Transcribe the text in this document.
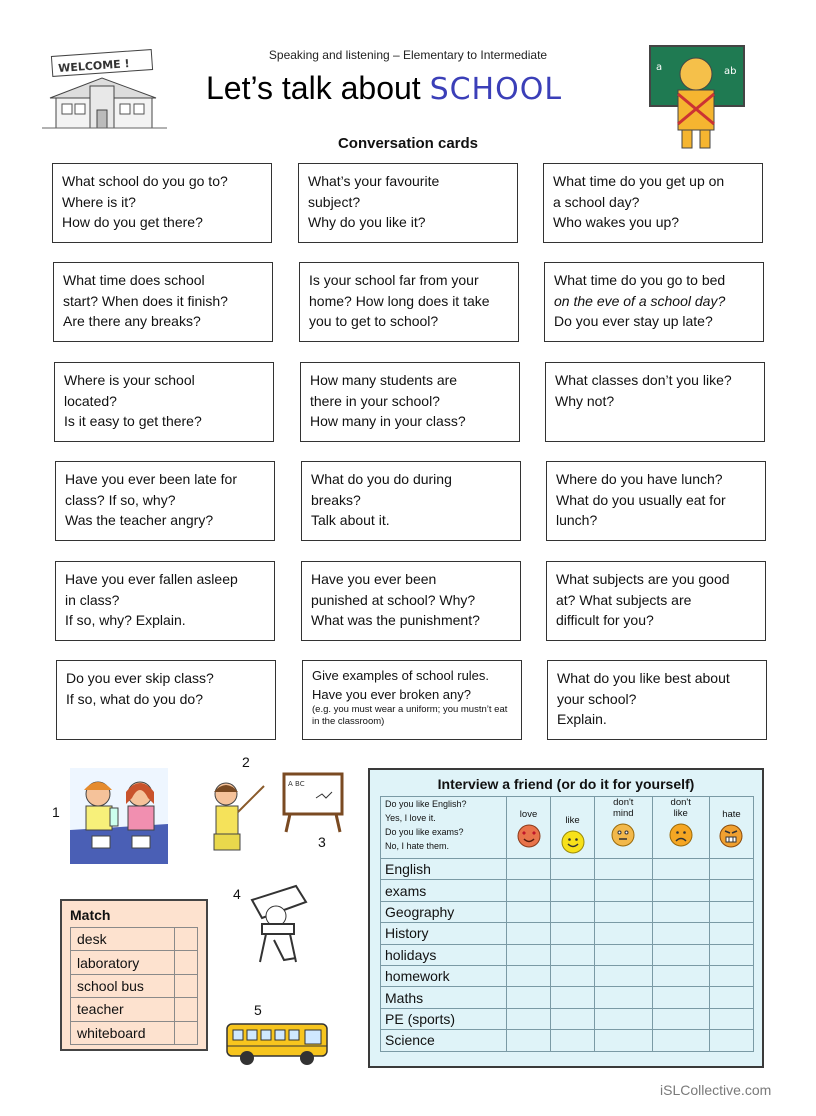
Speaking and listening – Elementary to Intermediate
WELCOME !
Let’s talk about SCHOOL
a	ab
Conversation cards
What school do you go to?
Where is it?
How do you get there?
What’s your favourite
subject?
Why do you like it?
What time do you get up on
a school day?
Who wakes you up?
What time does school
start? When does it finish?
Are there any breaks?
Is your school far from your
home? How long does it take
you to get to school?
What time do you go to bed
on the eve of a school day?
Do you ever stay up late?
Where is your school
located?
Is it easy to get there?
How many students are
there in your school?
How many in your class?
What classes don’t you like?
Why not?
Have you ever been late for
class? If so, why?
Was the teacher angry?
What do you do during
breaks?
Talk about it.
Where do you have lunch?
What do you usually eat for
lunch?
Have you ever fallen asleep
in class?
If so, why? Explain.
Have you ever been
punished at school? Why?
What was the punishment?
What subjects are you good
at? What subjects are
difficult for you?
Do you ever skip class?
If so, what do you do?
Give examples of school rules.
Have you ever broken any?
(e.g. you must wear a uniform; you mustn’t eat in the classroom)
What do you like best about
your school?
Explain.
1
2
A BC
3
4
5
Interview a friend (or do it for yourself)
Do you like English?
Yes, I love it.
Do you like exams?
No, I hate them.	love	like	don't mind	don't like	hate

English					
exams					
Geography					
History					
holidays					
homework					
Maths					
PE (sports)					
Science					
Match
desk	
laboratory	
school bus	
teacher	
whiteboard	
iSLCollective.com
